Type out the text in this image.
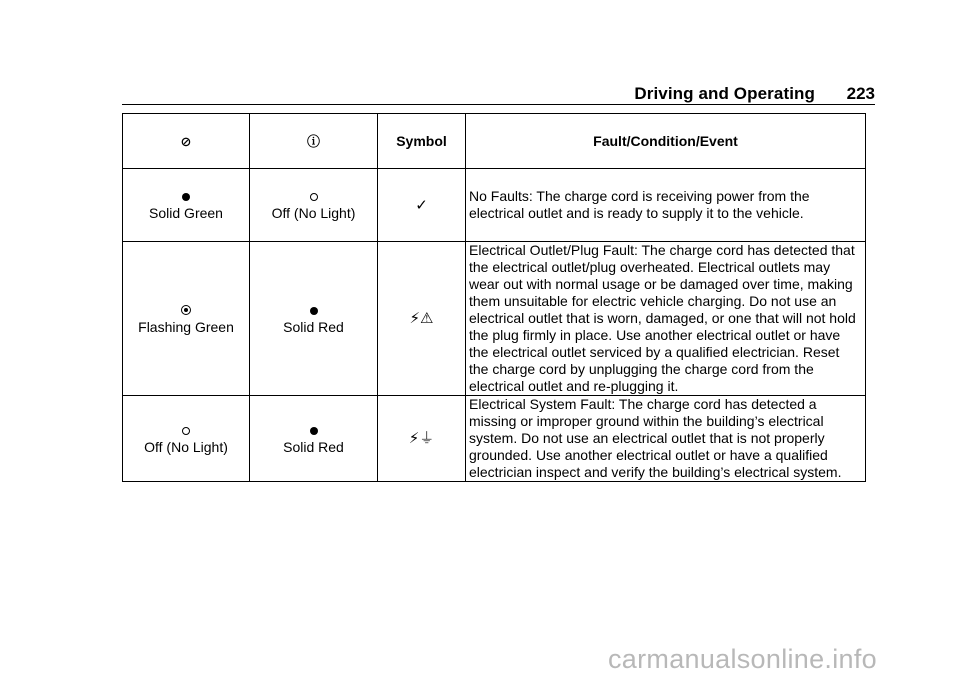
Driving and Operating 223
⊘	ⓘ	Symbol	Fault/Condition/Event

Solid Green	Off (No Light)	✓	No Faults: The charge cord is receiving power from the electrical outlet and is ready to supply it to the vehicle.

Flashing Green	Solid Red	⚡⚠	Electrical Outlet/Plug Fault: The charge cord has detected that the electrical outlet/plug overheated. Electrical outlets may wear out with normal usage or be damaged over time, making them unsuitable for electric vehicle charging. Do not use an electrical outlet that is worn, damaged, or one that will not hold the plug firmly in place. Use another electrical outlet or have the electrical outlet serviced by a qualified electrician. Reset the charge cord by unplugging the charge cord from the electrical outlet and re-plugging it.

Off (No Light)	Solid Red	⚡⏚	Electrical System Fault: The charge cord has detected a missing or improper ground within the building’s electrical system. Do not use an electrical outlet that is not properly grounded. Use another electrical outlet or have a qualified electrician inspect and verify the building’s electrical system.
carmanualsonline.info
